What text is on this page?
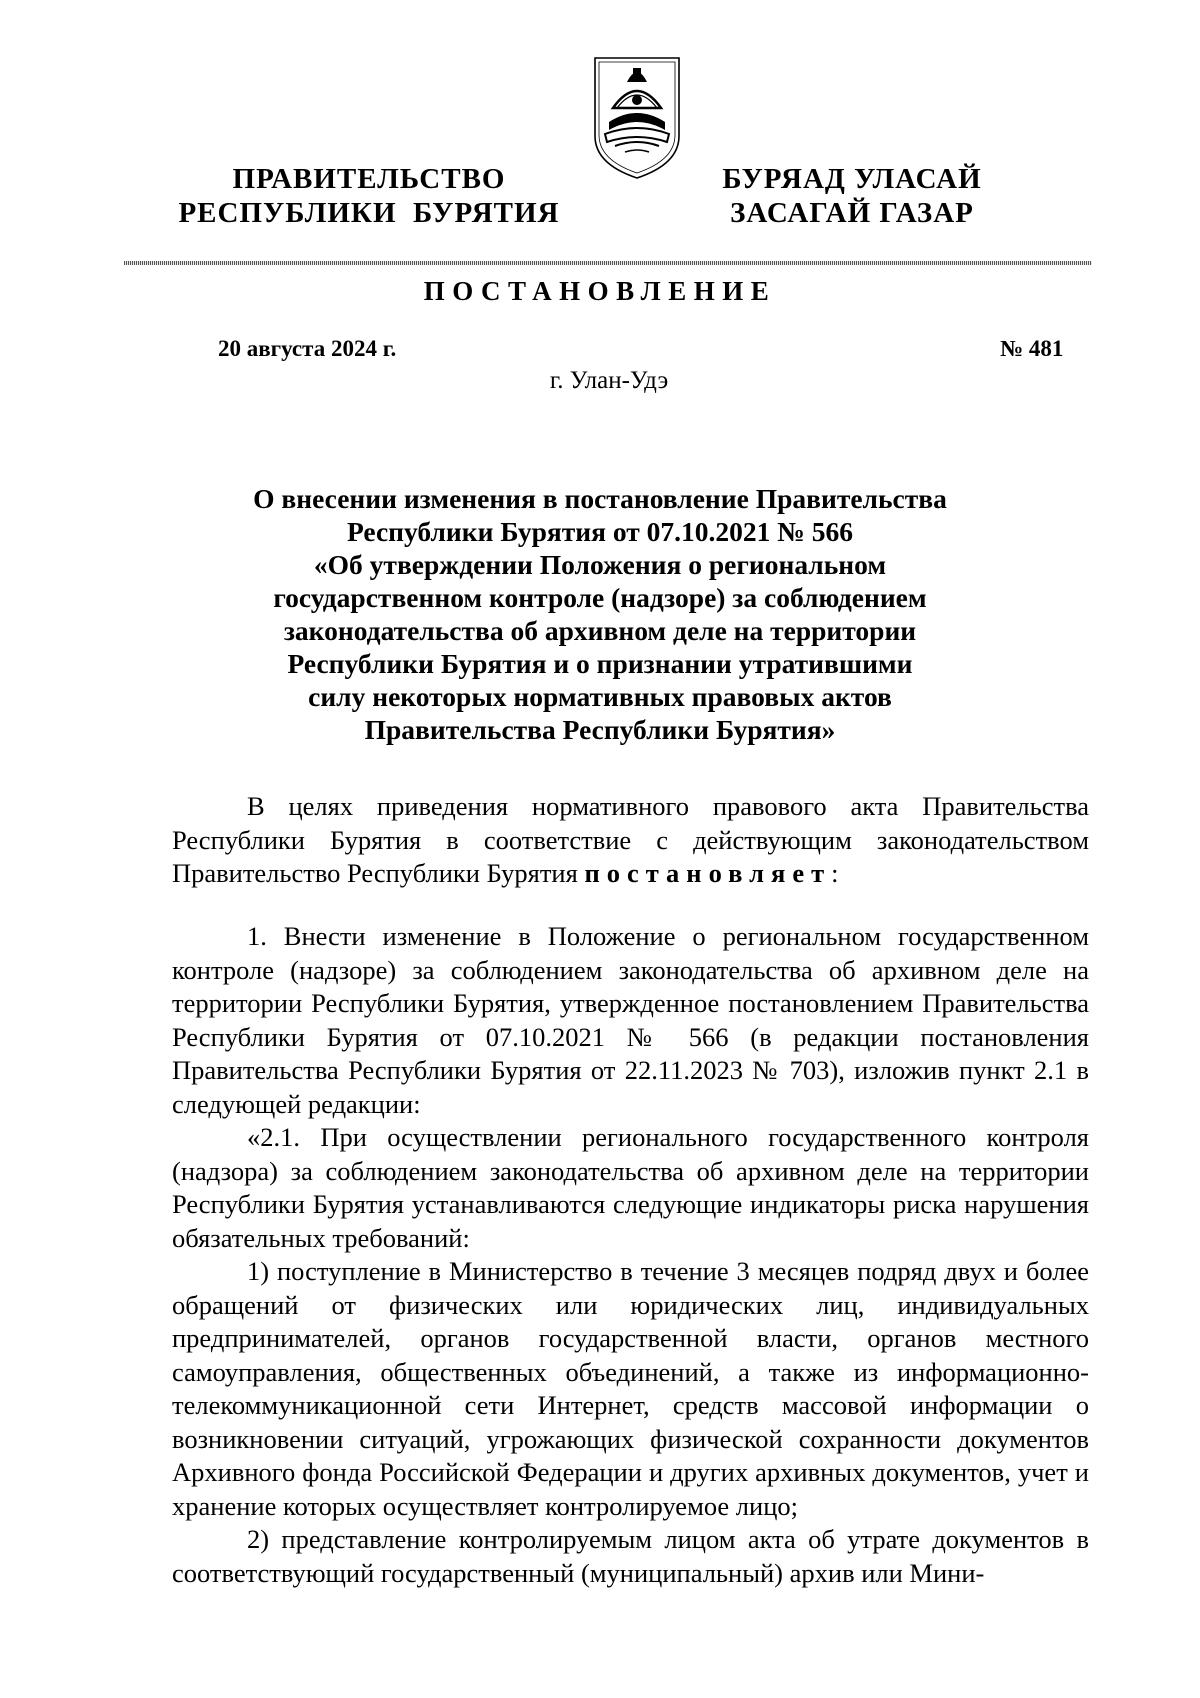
ПРАВИТЕЛЬСТВО
РЕСПУБЛИКИ  БУРЯТИЯ
БУРЯАД УЛАСАЙ
ЗАСАГАЙ ГАЗАР
ПОСТАНОВЛЕНИЕ
20 августа 2024 г.	№ 481
г. Улан-Удэ
О внесении изменения в постановление Правительства
Республики Бурятия от 07.10.2021 № 566
«Об утверждении Положения о региональном
государственном контроле (надзоре) за соблюдением
законодательства об архивном деле на территории
Республики Бурятия и о признании утратившими
силу некоторых нормативных правовых актов
Правительства Республики Бурятия»

В целях приведения нормативного правового акта Правительства Республики Бурятия в соответствие с действующим законодательством Правительство Республики Бурятия постановляет:

1. Внести изменение в Положение о региональном государственном контроле (надзоре) за соблюдением законодательства об архивном деле на территории Республики Бурятия, утвержденное постановлением Правительства Республики Бурятия от 07.10.2021 № 566 (в редакции постановления Правительства Республики Бурятия от 22.11.2023 № 703), изложив пункт 2.1 в следующей редакции:

«2.1. При осуществлении регионального государственного контроля (надзора) за соблюдением законодательства об архивном деле на территории Республики Бурятия устанавливаются следующие индикаторы риска нарушения обязательных требований:

1) поступление в Министерство в течение 3 месяцев подряд двух и более обращений от физических или юридических лиц, индивидуальных предпринимателей, органов государственной власти, органов местного самоуправления, общественных объединений, а также из информационно-телекоммуникационной сети Интернет, средств массовой информации о возникновении ситуаций, угрожающих физической сохранности документов Архивного фонда Российской Федерации и других архивных документов, учет и хранение которых осуществляет контролируемое лицо;

2) представление контролируемым лицом акта об утрате документов в соответствующий государственный (муниципальный) архив или Мини-
